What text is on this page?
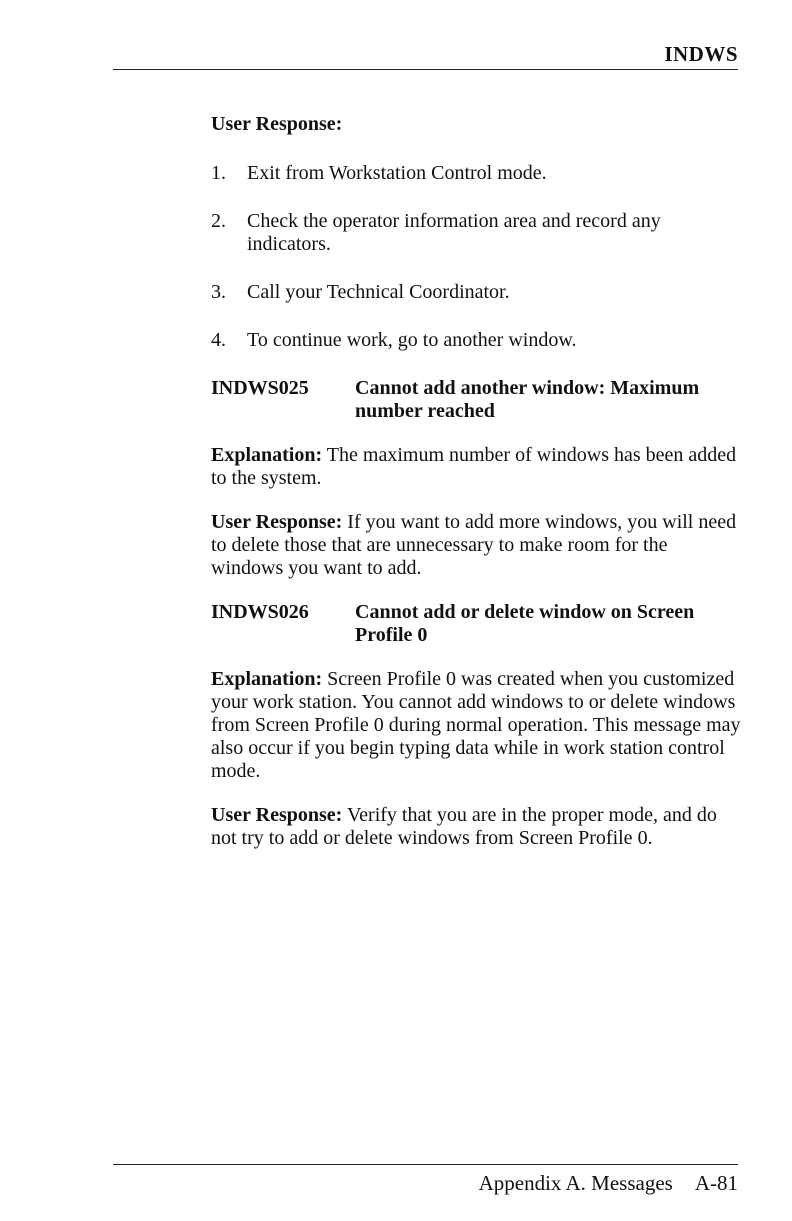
INDWS
User Response:
1.	Exit from Workstation Control mode.
2.	Check the operator information area and record any indicators.
3.	Call your Technical Coordinator.
4.	To continue work, go to another window.
INDWS025	Cannot add another window: Maximum number reached

Explanation: The maximum number of windows has been added to the system.

User Response: If you want to add more windows, you will need to delete those that are unnecessary to make room for the windows you want to add.

INDWS026	Cannot add or delete window on Screen Profile 0

Explanation: Screen Profile 0 was created when you customized your work station. You cannot add windows to or delete windows from Screen Profile 0 during normal operation. This message may also occur if you begin typing data while in work station control mode.

User Response: Verify that you are in the proper mode, and do not try to add or delete windows from Screen Profile 0.

Appendix A. Messages A-81
